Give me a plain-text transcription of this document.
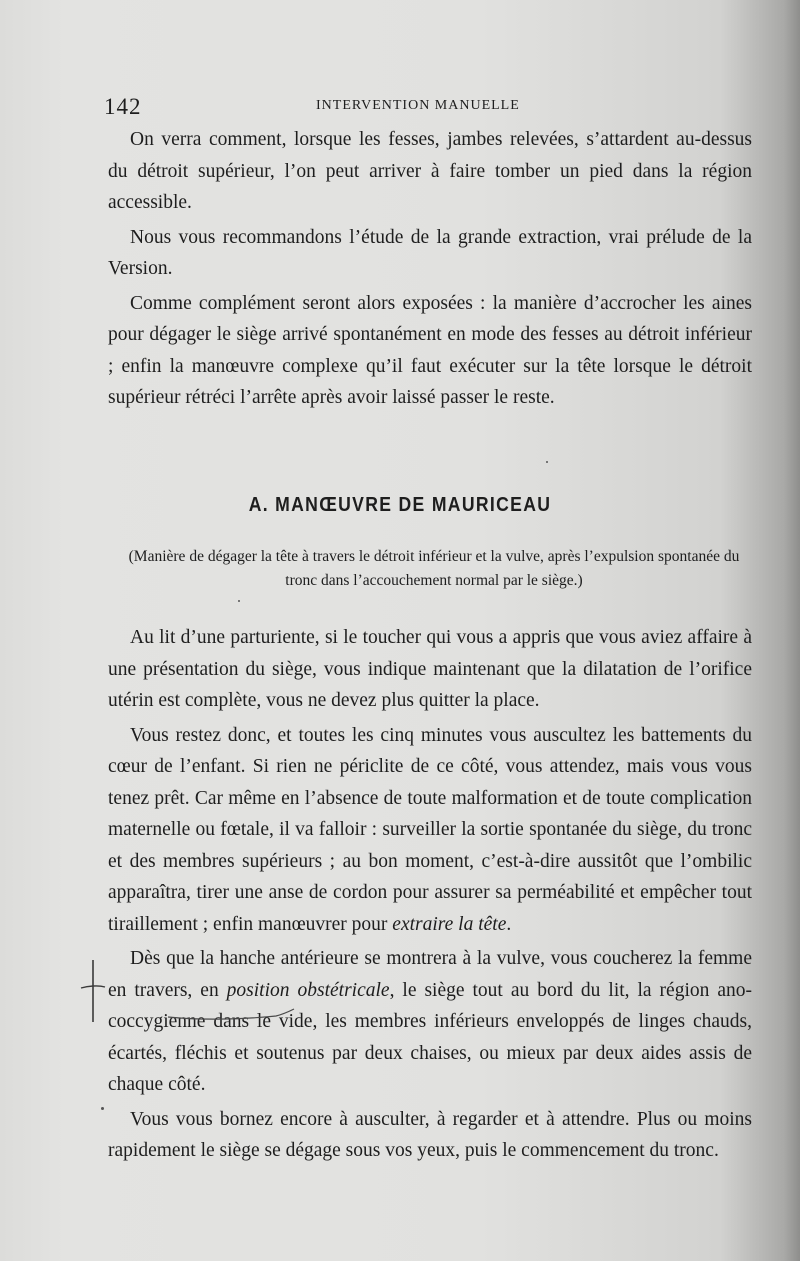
142	INTERVENTION MANUELLE

On verra comment, lorsque les fesses, jambes relevées, s’attardent au-dessus du détroit supérieur, l’on peut arriver à faire tomber un pied dans la région accessible.

Nous vous recommandons l’étude de la grande extraction, vrai prélude de la Version.

Comme complément seront alors exposées : la manière d’accrocher les aines pour dégager le siège arrivé spontanément en mode des fesses au détroit inférieur ; enfin la manœuvre complexe qu’il faut exécuter sur la tête lorsque le détroit supérieur rétréci l’arrête après avoir laissé passer le reste.

A. MANŒUVRE DE MAURICEAU
(Manière de dégager la tête à travers le détroit inférieur et la vulve, après l’expulsion spontanée du tronc dans l’accouchement normal par le siège.)

Au lit d’une parturiente, si le toucher qui vous a appris que vous aviez affaire à une présentation du siège, vous indique maintenant que la dilatation de l’orifice utérin est complète, vous ne devez plus quitter la place.

Vous restez donc, et toutes les cinq minutes vous auscultez les battements du cœur de l’enfant. Si rien ne périclite de ce côté, vous attendez, mais vous vous tenez prêt. Car même en l’absence de toute malformation et de toute complication maternelle ou fœtale, il va falloir : surveiller la sortie spontanée du siège, du tronc et des membres supérieurs ; au bon moment, c’est-à-dire aussitôt que l’ombilic apparaîtra, tirer une anse de cordon pour assurer sa perméabilité et empêcher tout tiraillement ; enfin manœuvrer pour extraire la tête.

Dès que la hanche antérieure se montrera à la vulve, vous coucherez la femme en travers, en position obstétricale, le siège tout au bord du lit, la région ano-coccygienne dans le vide, les membres inférieurs enveloppés de linges chauds, écartés, fléchis et soutenus par deux chaises, ou mieux par deux aides assis de chaque côté.

Vous vous bornez encore à ausculter, à regarder et à attendre. Plus ou moins rapidement le siège se dégage sous vos yeux, puis le commencement du tronc.
